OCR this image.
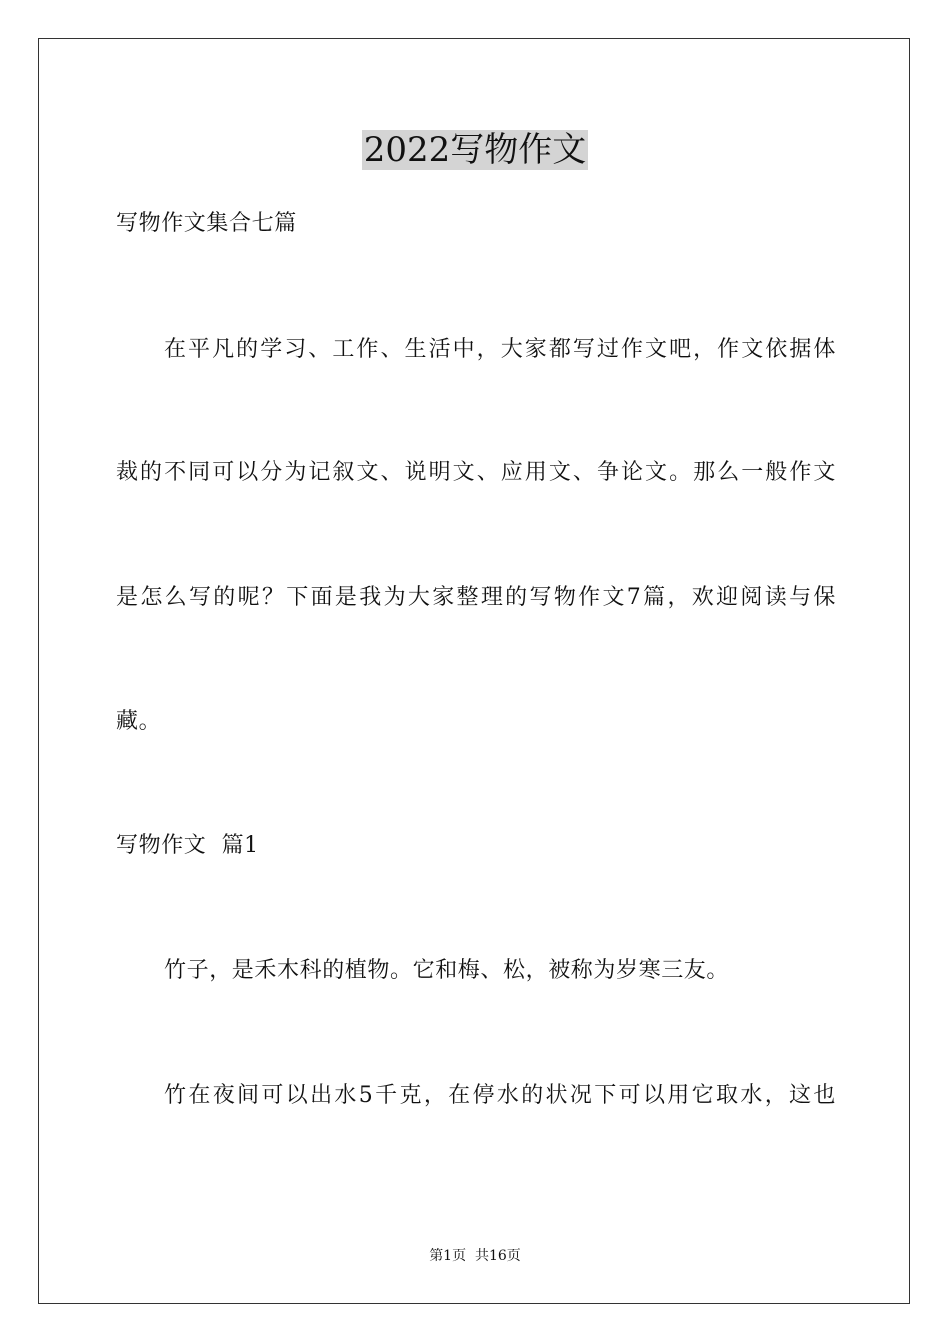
2022写物作文
写物作文集合七篇
在平凡的学习、工作、生活中，大家都写过作文吧，作文依据体
裁的不同可以分为记叙文、说明文、应用文、争论文。那么一般作文
是怎么写的呢？下面是我为大家整理的写物作文7篇，欢迎阅读与保
藏。
写物作文  篇1
竹子，是禾木科的植物。它和梅、松，被称为岁寒三友。
竹在夜间可以出水5千克，在停水的状况下可以用它取水，这也
第1页  共16页
